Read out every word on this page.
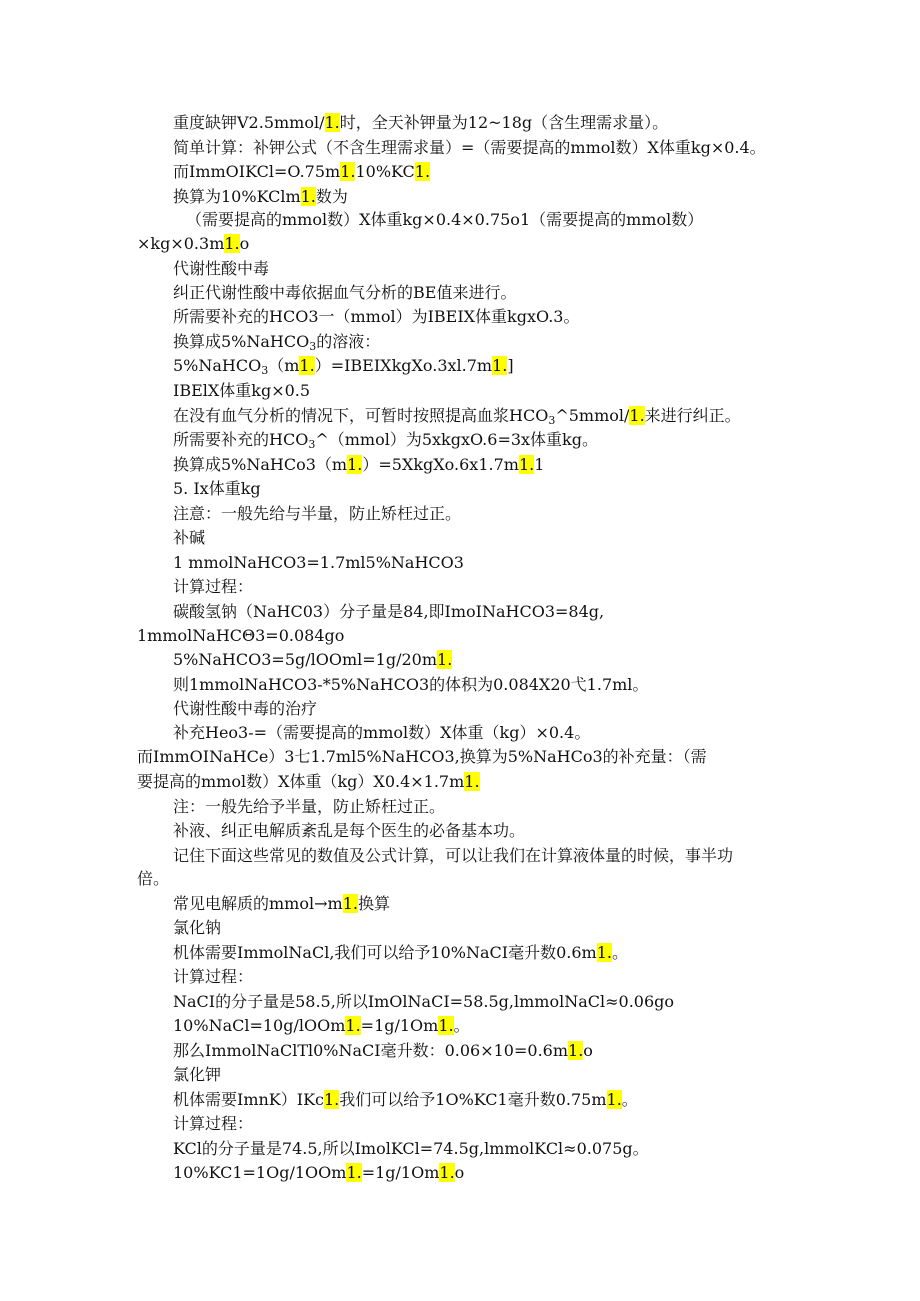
重度缺钾V2.5mmol/1.时，全天补钾量为12~18g（含生理需求量）。
简单计算：补钾公式（不含生理需求量）=（需要提高的mmol数）X体重kg×0.4。
而ImmOIKCl=O.75m1.10%KC1.
换算为10%KClm1.数为
（需要提高的mmol数）X体重kg×0.4×0.75o1（需要提高的mmol数）
×kg×0.3m1.o
代谢性酸中毒
纠正代谢性酸中毒依据血气分析的BE值来进行。
所需要补充的HCO3一（mmol）为IBEIX体重kgxO.3。
换算成5%NaHCO$_3$的溶液：
5%NaHCO$_3$（m1.）=IBEIXkgXo.3xl.7m1.]
IBElX体重kg×0.5
在没有血气分析的情况下，可暂时按照提高血浆$HCO_3\^{}5mmol/1$.来进行纠正。
所需要补充的$HCO_3\^{}(mmol)$为5xkgxO.6=3x体重kg。
换算成5%NaHCo3（m1.）=5XkgXo.6x1.7m1.1
5. Ix体重kg
注意：一般先给与半量，防止矫枉过正。
补碱
1 mmolNaHCO3=1.7ml5%NaHCO3
计算过程：
碳酸氢钠（NaHC03）分子量是84,即ImoINaHCO3=84g,
1mmolNaHCΘ3=0.084go
5%NaHCO3=5g/lOOml=1g/20m1.
则1mmolNaHCO3-*5%NaHCO3的体积为0.084X20弋1.7ml。
代谢性酸中毒的治疗
补充Heo3-=（需要提高的mmol数）X体重（kg）×0.4。
而ImmOINaHCe）3七1.7ml5%NaHCO3,换算为5%NaHCo3的补充量：（需
要提高的mmol数）X体重（kg）X0.4×1.7m1.
注：一般先给予半量，防止矫枉过正。
补液、纠正电解质紊乱是每个医生的必备基本功。
记住下面这些常见的数值及公式计算，可以让我们在计算液体量的时候，事半功
倍。
常见电解质的mmol→m1.换算
氯化钠
机体需要ImmolNaCl,我们可以给予10%NaCI毫升数0.6m1.。
计算过程：
NaCI的分子量是58.5,所以ImOlNaCI=58.5g,lmmolNaCl≈0.06go
10%NaCl=10g/lOOm1.=1g/1Om1.。
那么ImmolNaClTl0%NaCI毫升数：0.06×10=0.6m1.o
氯化钾
机体需要ImnK）IKc1.我们可以给予1O%KC1毫升数0.75m1.。
计算过程：
KCl的分子量是74.5,所以ImolKCl=74.5g,lmmolKCl≈0.075g。
10%KC1=1Og/1OOm1.=1g/1Om1.o
